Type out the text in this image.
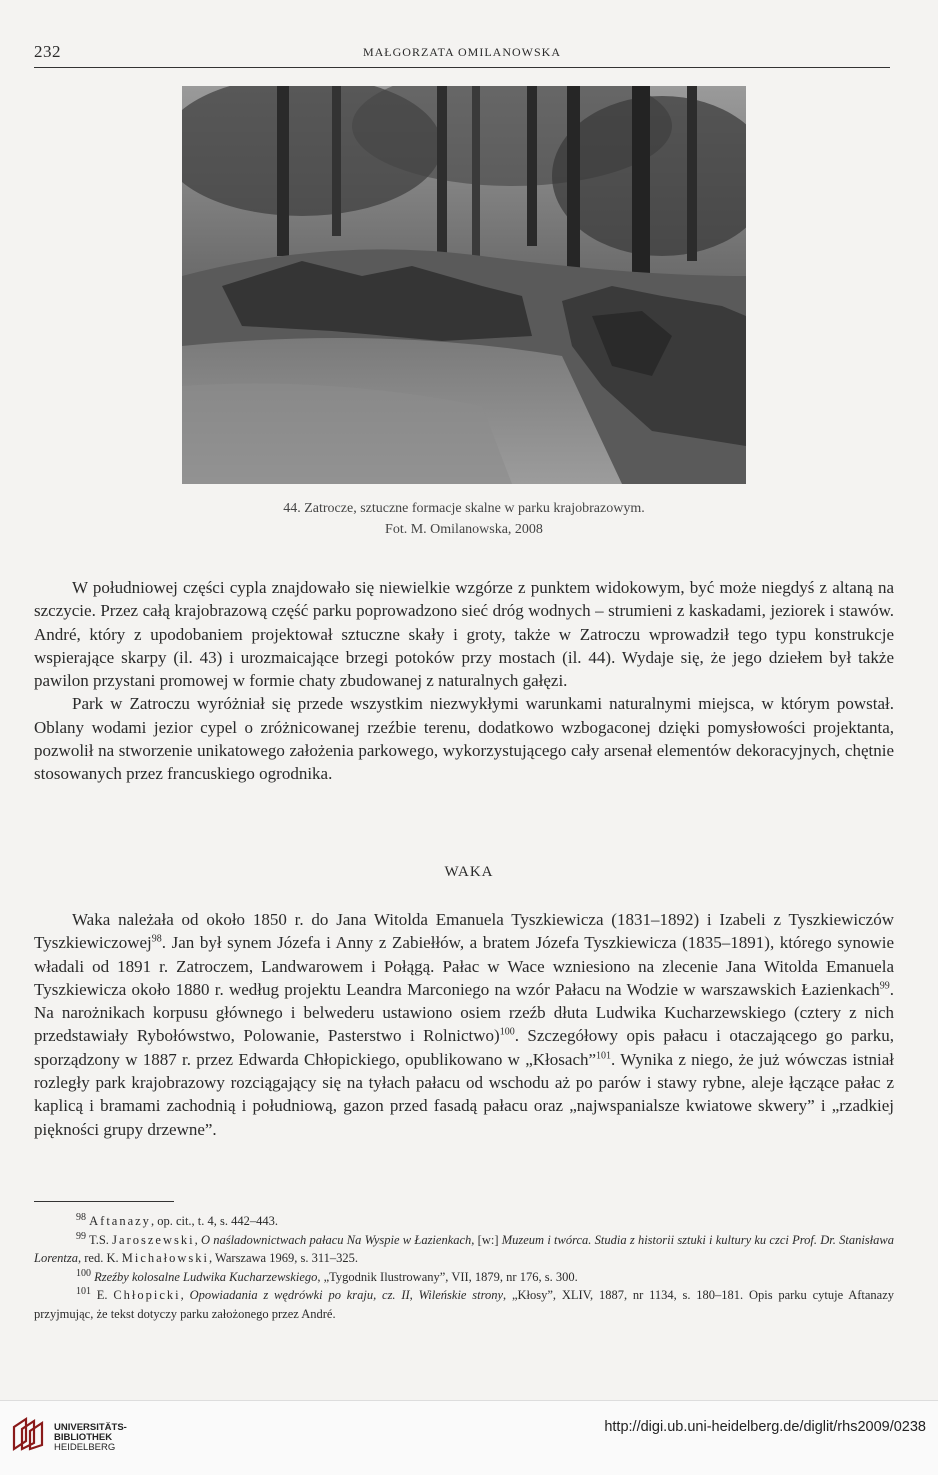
232	MAŁGORZATA OMILANOWSKA
44. Zatrocze, sztuczne formacje skalne w parku krajobrazowym.
Fot. M. Omilanowska, 2008

W południowej części cypla znajdowało się niewielkie wzgórze z punktem widokowym, być może niegdyś z altaną na szczycie. Przez całą krajobrazową część parku poprowadzono sieć dróg wodnych – strumieni z kaskadami, jeziorek i stawów. André, który z upodobaniem projektował sztuczne skały i groty, także w Zatroczu wprowadził tego typu konstrukcje wspierające skarpy (il. 43) i urozmaicające brzegi potoków przy mostach (il. 44). Wydaje się, że jego dziełem był także pawilon przystani promowej w formie chaty zbudowanej z naturalnych gałęzi.

Park w Zatroczu wyróżniał się przede wszystkim niezwykłymi warunkami naturalnymi miejsca, w którym powstał. Oblany wodami jezior cypel o zróżnicowanej rzeźbie terenu, dodatkowo wzbogaconej dzięki pomysłowości projektanta, pozwolił na stworzenie unikatowego założenia parkowego, wykorzystującego cały arsenał elementów dekoracyjnych, chętnie stosowanych przez francuskiego ogrodnika.

WAKA

Waka należała od około 1850 r. do Jana Witolda Emanuela Tyszkiewicza (1831–1892) i Izabeli z Tyszkiewiczów Tyszkiewiczowej$^{98}$. Jan był synem Józefa i Anny z Zabiełłów, a bratem Józefa Tyszkiewicza (1835–1891), którego synowie władali od 1891 r. Zatroczem, Landwarowem i Połągą. Pałac w Wace wzniesiono na zlecenie Jana Witolda Emanuela Tyszkiewicza około 1880 r. według projektu Leandra Marconiego na wzór Pałacu na Wodzie w warszawskich Łazienkach$^{99}$. Na narożnikach korpusu głównego i belwederu ustawiono osiem rzeźb dłuta Ludwika Kucharzewskiego (cztery z nich przedstawiały Rybołówstwo, Polowanie, Pasterstwo i Rolnictwo)$^{100}$. Szczegółowy opis pałacu i otaczającego go parku, sporządzony w 1887 r. przez Edwarda Chłopickiego, opublikowano w „Kłosach”$^{101}$. Wynika z niego, że już wówczas istniał rozległy park krajobrazowy rozciągający się na tyłach pałacu od wschodu aż po parów i stawy rybne, aleje łączące pałac z kaplicą i bramami zachodnią i południową, gazon przed fasadą pałacu oraz „najwspanialsze kwiatowe skwery” i „rzadkiej piękności grupy drzewne”.

$^{98}$ Aftanazy, op. cit., t. 4, s. 442–443.

$^{99}$ T.S. Jaroszewski, O naśladownictwach pałacu Na Wyspie w Łazienkach, [w:] Muzeum i twórca. Studia z historii sztuki i kultury ku czci Prof. Dr. Stanisława Lorentza, red. K. Michałowski, Warszawa 1969, s. 311–325.

$^{100}$ Rzeźby kolosalne Ludwika Kucharzewskiego, „Tygodnik Ilustrowany”, VII, 1879, nr 176, s. 300.

$^{101}$ E. Chłopicki, Opowiadania z wędrówki po kraju, cz. II, Wileńskie strony, „Kłosy”, XLIV, 1887, nr 1134, s. 180–181. Opis parku cytuje Aftanazy przyjmując, że tekst dotyczy parku założonego przez André.

UNIVERSITÄTS-
BIBLIOTHEK
HEIDELBERG
http://digi.ub.uni-heidelberg.de/diglit/rhs2009/0238
